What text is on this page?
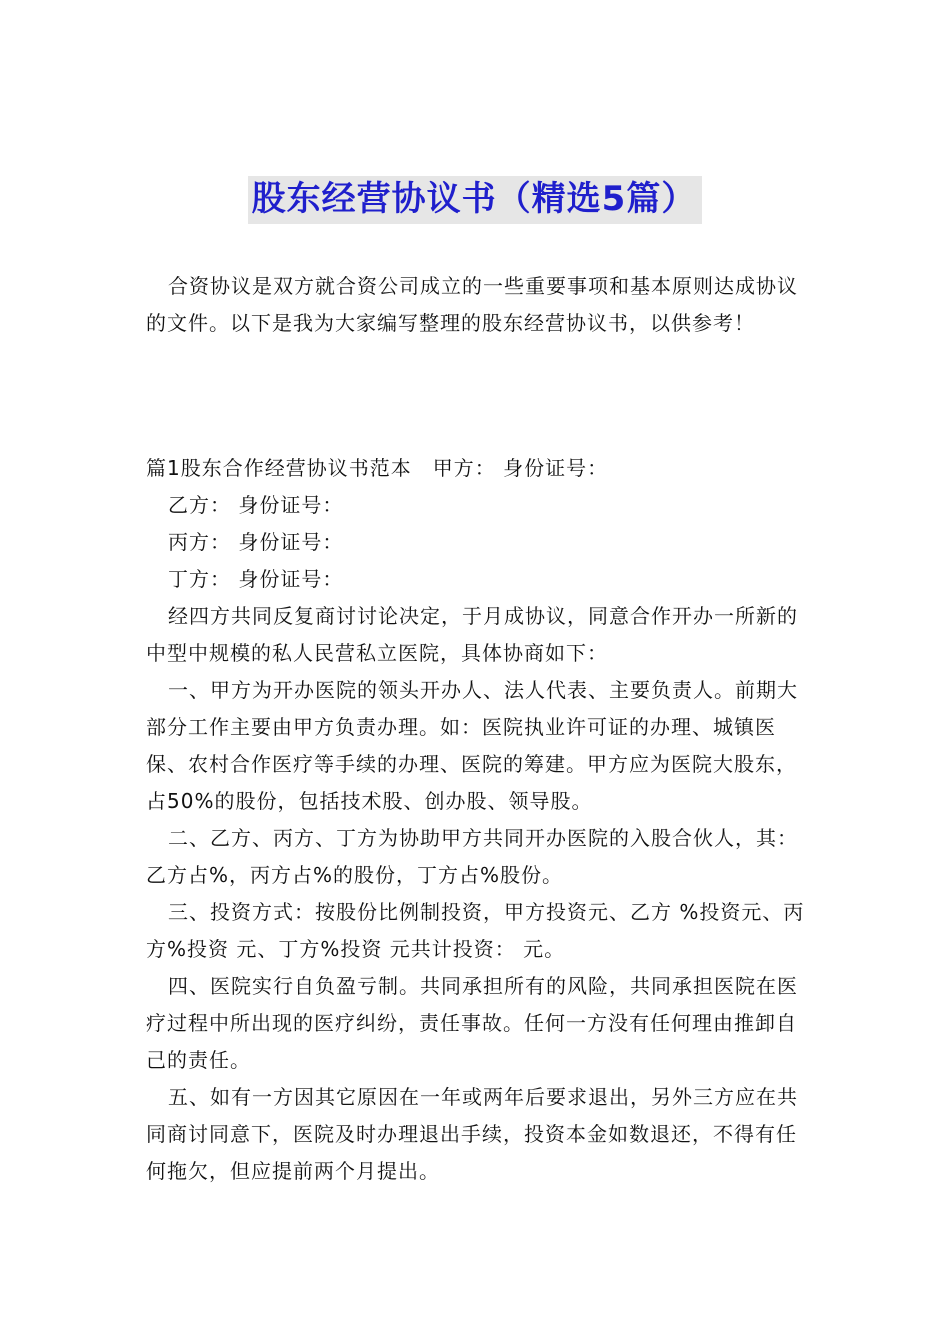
股东经营协议书（精选5篇）

合资协议是双方就合资公司成立的一些重要事项和基本原则达成协议的文件。以下是我为大家编写整理的股东经营协议书，以供参考！

篇1股东合作经营协议书范本　甲方： 身份证号：

乙方： 身份证号：

丙方： 身份证号：

丁方： 身份证号：

经四方共同反复商讨讨论决定，于月成协议，同意合作开办一所新的中型中规模的私人民营私立医院，具体协商如下：

一、甲方为开办医院的领头开办人、法人代表、主要负责人。前期大部分工作主要由甲方负责办理。如：医院执业许可证的办理、城镇医保、农村合作医疗等手续的办理、医院的筹建。甲方应为医院大股东，占50%的股份，包括技术股、创办股、领导股。

二、乙方、丙方、丁方为协助甲方共同开办医院的入股合伙人，其：乙方占%，丙方占%的股份，丁方占%股份。

三、投资方式：按股份比例制投资，甲方投资元、乙方 %投资元、丙方%投资 元、丁方%投资 元共计投资： 元。

四、医院实行自负盈亏制。共同承担所有的风险，共同承担医院在医疗过程中所出现的医疗纠纷，责任事故。任何一方没有任何理由推卸自己的责任。

五、如有一方因其它原因在一年或两年后要求退出，另外三方应在共同商讨同意下，医院及时办理退出手续，投资本金如数退还，不得有任何拖欠，但应提前两个月提出。
